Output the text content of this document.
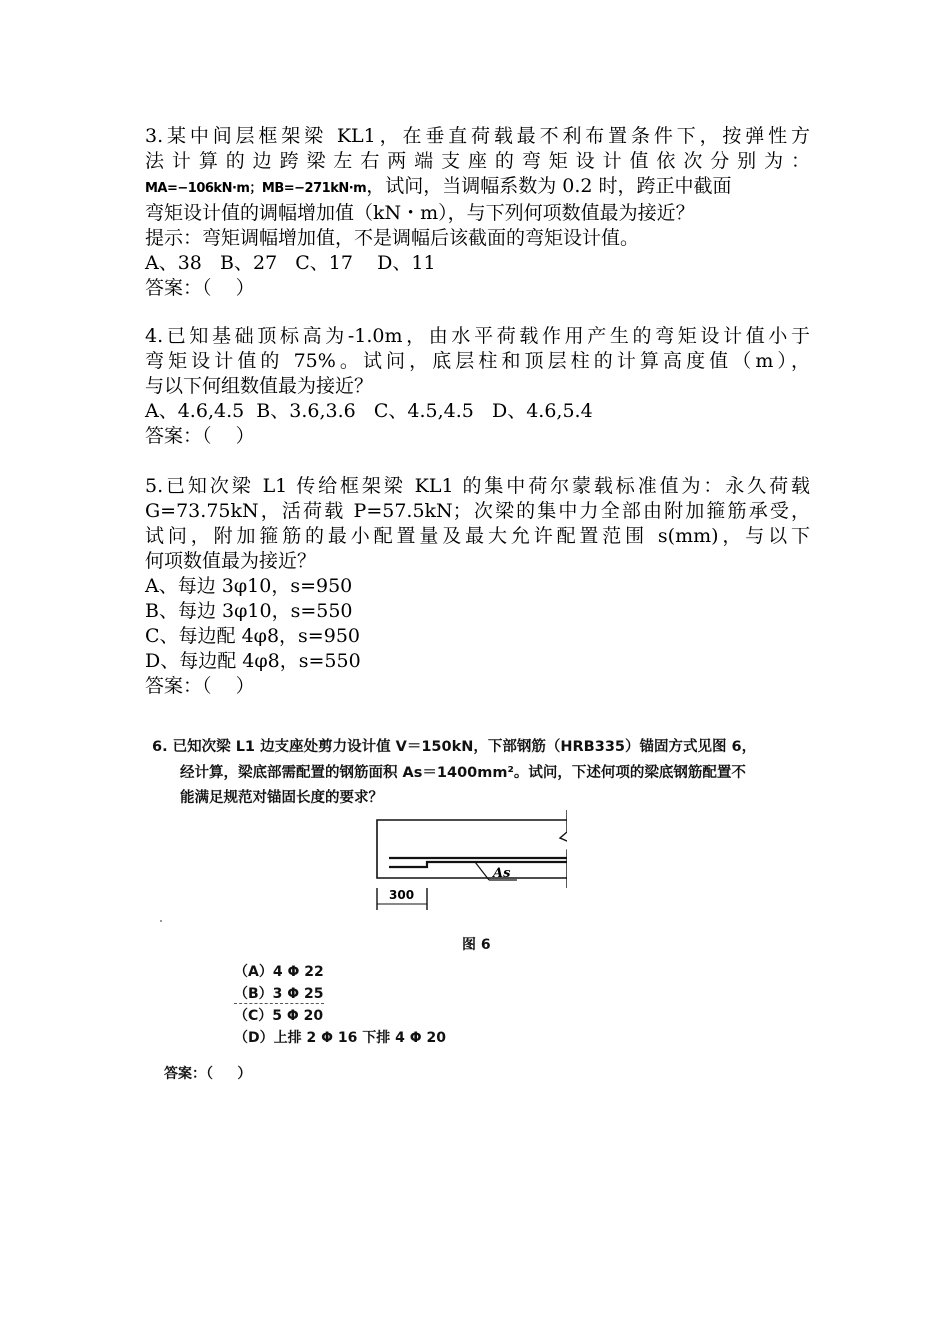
3.某中间层框架梁 KL1，在垂直荷载最不利布置条件下，按弹性方

法计算的边跨梁左右两端支座的弯矩设计值依次分别为：

MA=−106kN·m；MB=−271kN·m，试问，当调幅系数为 0.2 时，跨正中截面

弯矩设计值的调幅增加值（kN・m），与下列何项数值最为接近？

提示：弯矩调幅增加值，不是调幅后该截面的弯矩设计值。

A、38   B、27   C、17    D、11

答案：（    ）

4.已知基础顶标高为-1.0m，由水平荷载作用产生的弯矩设计值小于

弯矩设计值的 75%。试问，底层柱和顶层柱的计算高度值（m），

与以下何组数值最为接近？

A、4.6,4.5  B、3.6,3.6   C、4.5,4.5   D、4.6,5.4

答案：（    ）

5.已知次梁 L1 传给框架梁 KL1 的集中荷尔蒙载标准值为：永久荷载

G=73.75kN，活荷载 P=57.5kN；次梁的集中力全部由附加箍筋承受，

试问，附加箍筋的最小配置量及最大允许配置范围 s(mm)，与以下

何项数值最为接近？

A、每边 3φ10，s=950

B、每边 3φ10，s=550

C、每边配 4φ8，s=950

D、每边配 4φ8，s=550

答案：（    ）

6. 已知次梁 L1 边支座处剪力设计值 V＝150kN，下部钢筋（HRB335）锚固方式见图 6，
经计算，梁底部需配置的钢筋面积 As＝1400mm²。试问，下述何项的梁底钢筋配置不
能满足规范对锚固长度的要求？
As
300
图 6
（A）4 Φ 22
（B）3 Φ 25
（C）5 Φ 20
（D）上排 2 Φ 16 下排 4 Φ 20
答案：（     ）
